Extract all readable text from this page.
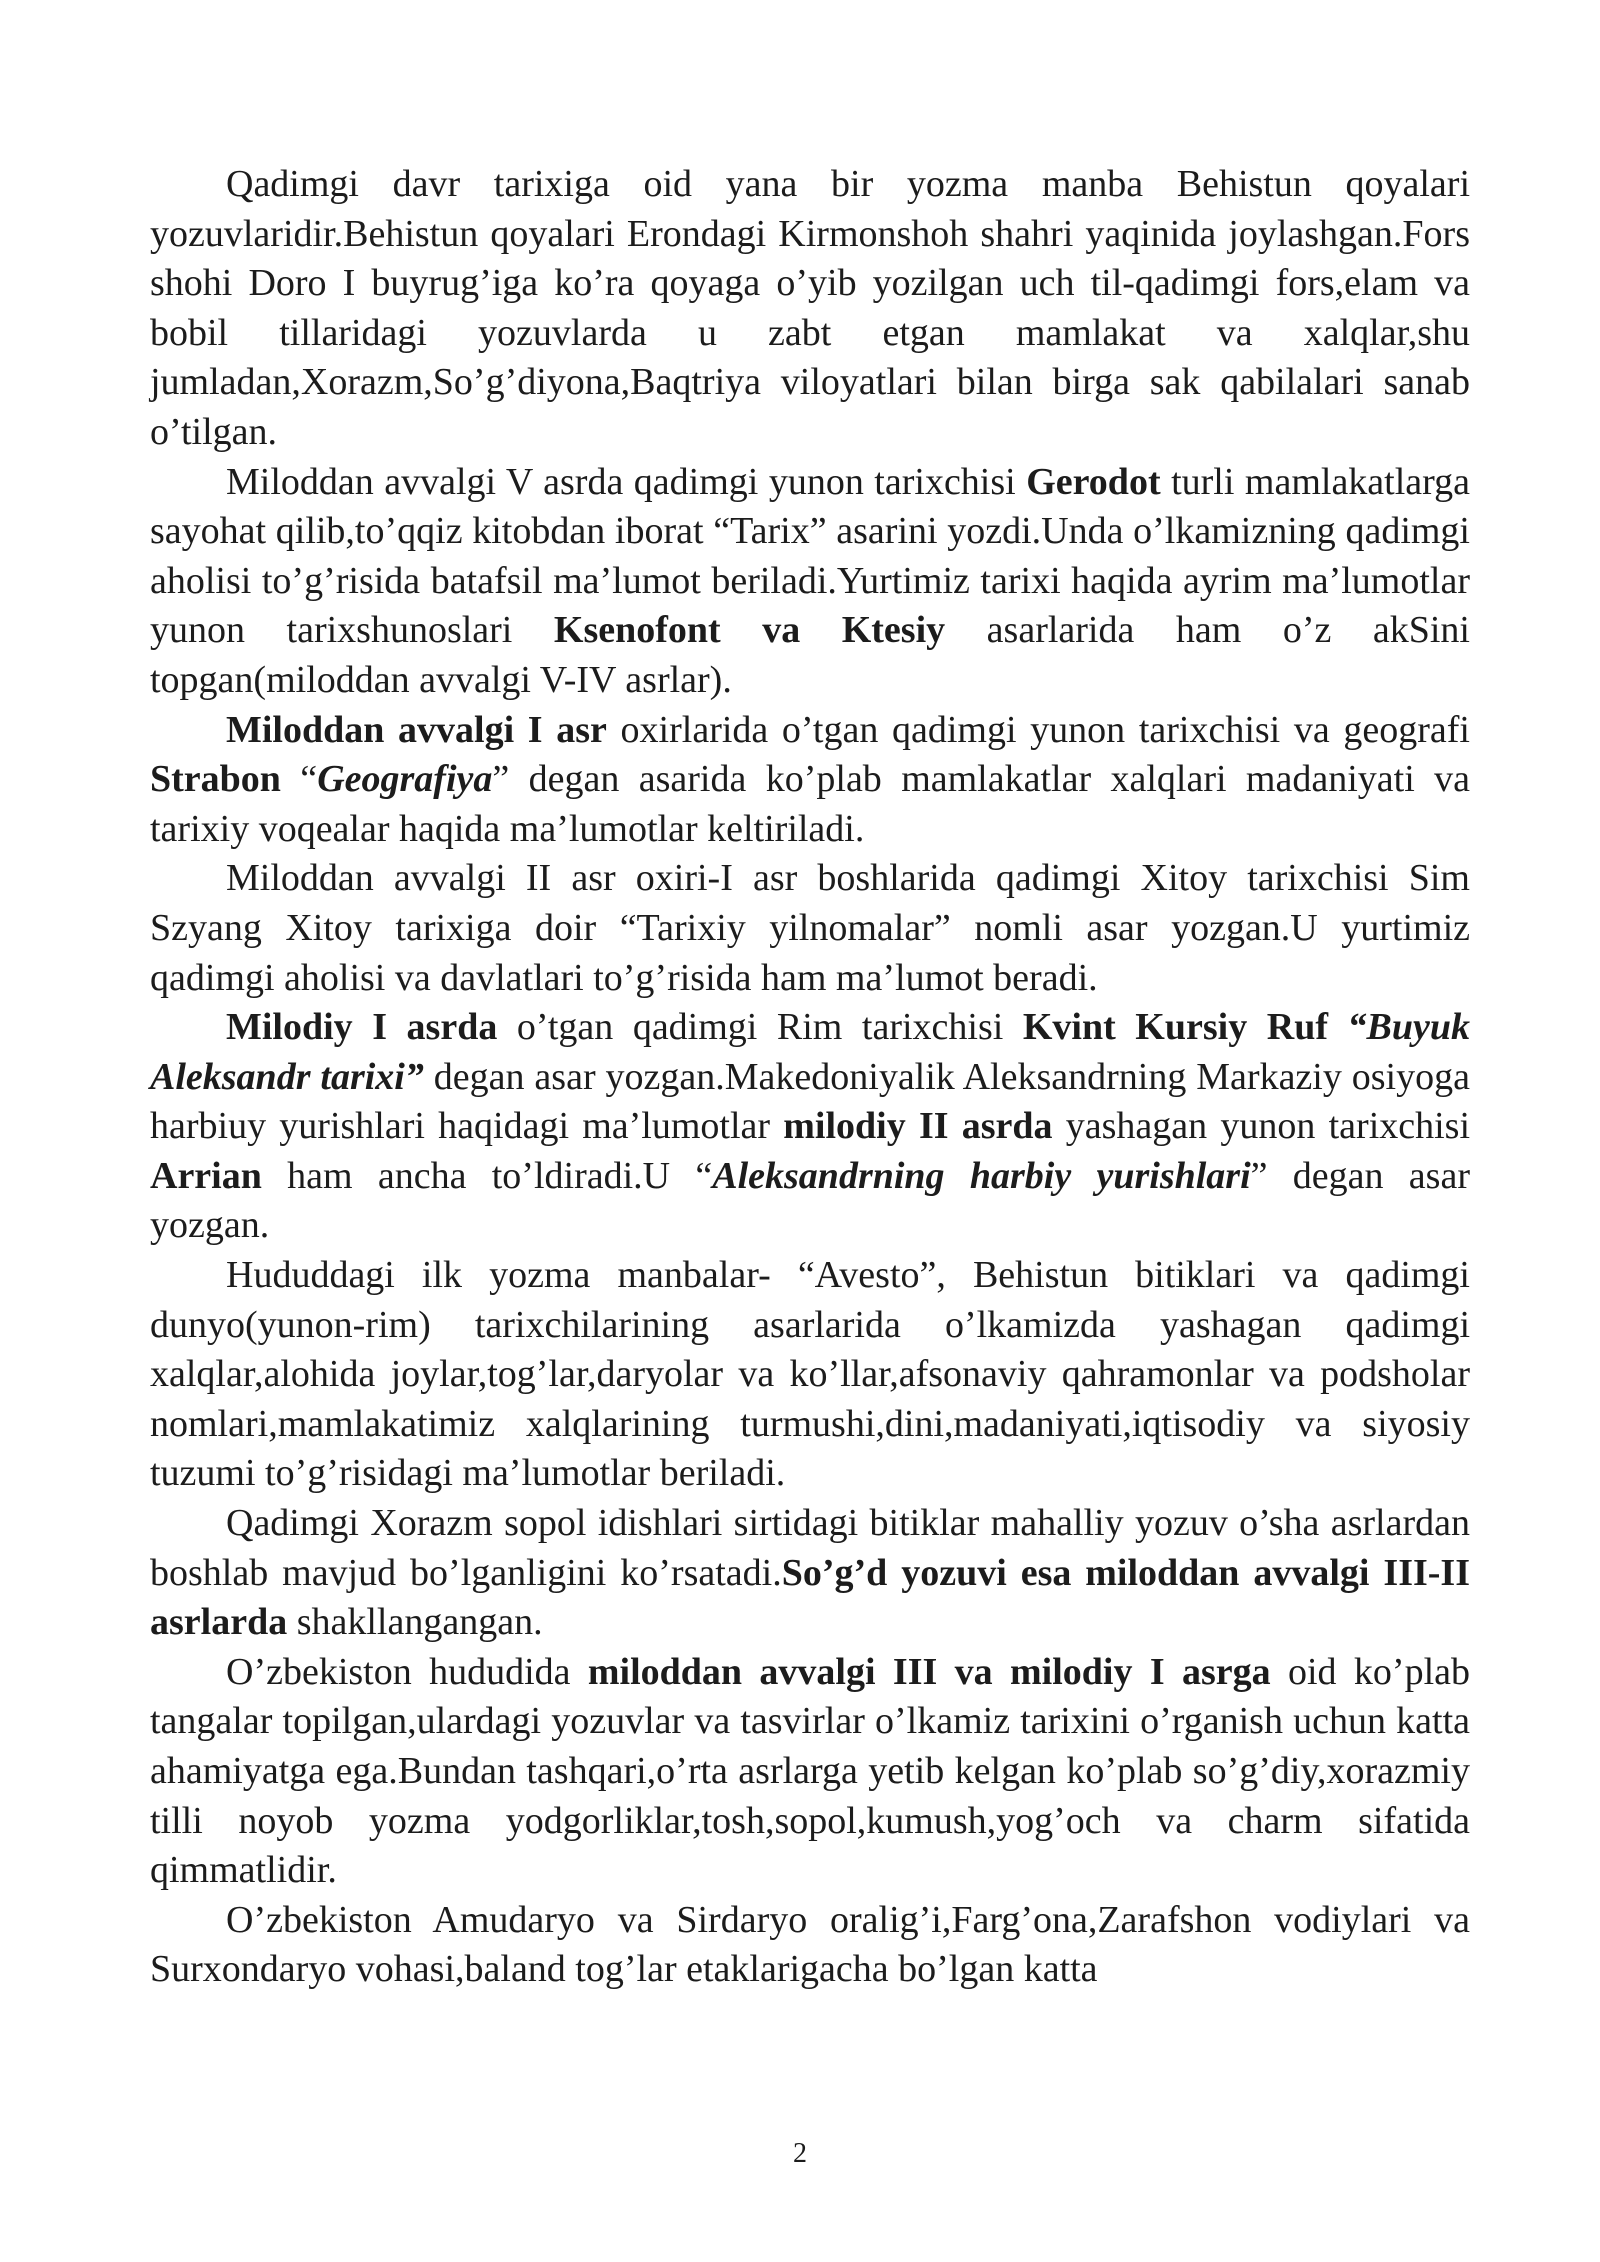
Qadimgi davr tarixiga oid yana bir yozma manba Behistun qoyalari yozuvlaridir.Behistun qoyalari Erondagi Kirmonshoh shahri yaqinida joylashgan.Fors shohi Doro I buyrug’iga ko’ra qoyaga o’yib yozilgan uch til-qadimgi fors,elam va bobil tillaridagi yozuvlarda u zabt etgan mamlakat va xalqlar,shu jumladan,Xorazm,So’g’diyona,Baqtriya viloyatlari bilan birga sak qabilalari sanab o’tilgan.

Miloddan avvalgi V asrda qadimgi yunon tarixchisi Gerodot turli mamlakatlarga sayohat qilib,to’qqiz kitobdan iborat “Tarix” asarini yozdi.Unda o’lkamizning qadimgi aholisi to’g’risida batafsil ma’lumot beriladi.Yurtimiz tarixi haqida ayrim ma’lumotlar yunon tarixshunoslari Ksenofont va Ktesiy asarlarida ham o’z akSini topgan(miloddan avvalgi V-IV asrlar).

Miloddan avvalgi I asr oxirlarida o’tgan qadimgi yunon tarixchisi va geografi Strabon “Geografiya” degan asarida ko’plab mamlakatlar xalqlari madaniyati va tarixiy voqealar haqida ma’lumotlar keltiriladi.

Miloddan avvalgi II asr oxiri-I asr boshlarida qadimgi Xitoy tarixchisi Sim Szyang Xitoy tarixiga doir “Tarixiy yilnomalar” nomli asar yozgan.U yurtimiz qadimgi aholisi va davlatlari to’g’risida ham ma’lumot beradi.

Milodiy I asrda o’tgan qadimgi Rim tarixchisi Kvint Kursiy Ruf “Buyuk Aleksandr tarixi” degan asar yozgan.Makedoniyalik Aleksandrning Markaziy osiyoga harbiuy yurishlari haqidagi ma’lumotlar milodiy II asrda yashagan yunon tarixchisi Arrian ham ancha to’ldiradi.U “Aleksandrning harbiy yurishlari” degan asar yozgan.

Hududdagi ilk yozma manbalar- “Avesto”, Behistun bitiklari va qadimgi dunyo(yunon-rim) tarixchilarining asarlarida o’lkamizda yashagan qadimgi xalqlar,alohida joylar,tog’lar,daryolar va ko’llar,afsonaviy qahramonlar va podsholar nomlari,mamlakatimiz xalqlarining turmushi,dini,madaniyati,iqtisodiy va siyosiy tuzumi to’g’risidagi ma’lumotlar beriladi.

Qadimgi Xorazm sopol idishlari sirtidagi bitiklar mahalliy yozuv o’sha asrlardan boshlab mavjud bo’lganligini ko’rsatadi.So’g’d yozuvi esa miloddan avvalgi III-II asrlarda shakllangangan.

O’zbekiston hududida miloddan avvalgi III va milodiy I asrga oid ko’plab tangalar topilgan,ulardagi yozuvlar va tasvirlar o’lkamiz tarixini o’rganish uchun katta ahamiyatga ega.Bundan tashqari,o’rta asrlarga yetib kelgan ko’plab so’g’diy,xorazmiy tilli noyob yozma yodgorliklar,tosh,sopol,kumush,yog’och va charm sifatida qimmatlidir.

O’zbekiston Amudaryo va Sirdaryo oralig’i,Farg’ona,Zarafshon vodiylari va Surxondaryo vohasi,baland tog’lar etaklarigacha bo’lgan katta

2
